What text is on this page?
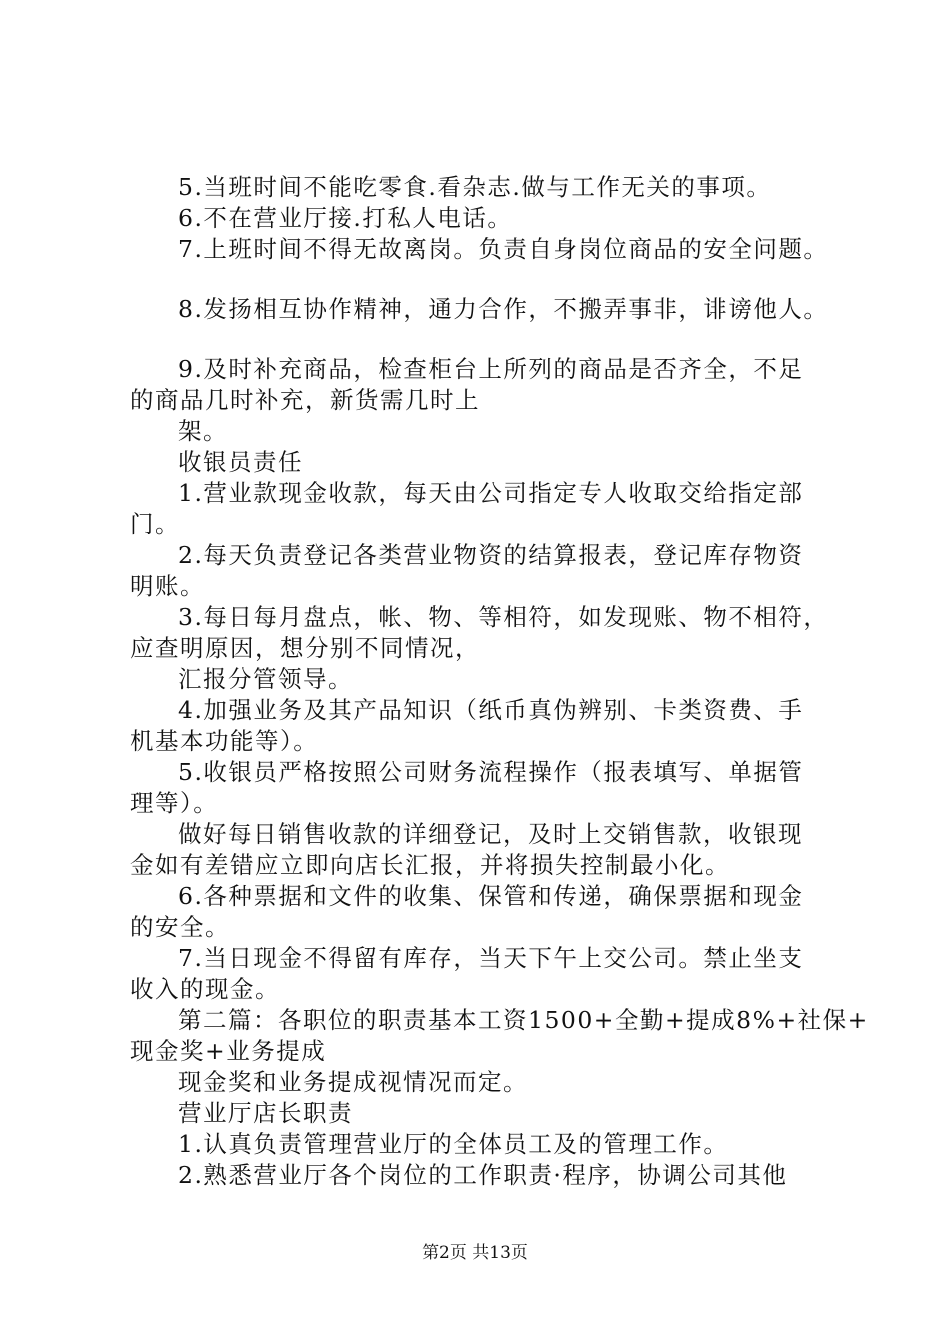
5.当班时间不能吃零食.看杂志.做与工作无关的事项。
6.不在营业厅接.打私人电话。
7.上班时间不得无故离岗。负责自身岗位商品的安全问题。
8.发扬相互协作精神，通力合作，不搬弄事非，诽谤他人。
9.及时补充商品，检查柜台上所列的商品是否齐全，不足
的商品几时补充，新货需几时上
架。
收银员责任
1.营业款现金收款，每天由公司指定专人收取交给指定部
门。
2.每天负责登记各类营业物资的结算报表，登记库存物资
明账。
3.每日每月盘点，帐、物、等相符，如发现账、物不相符，
应查明原因，想分别不同情况，
汇报分管领导。
4.加强业务及其产品知识（纸币真伪辨别、卡类资费、手
机基本功能等）。
5.收银员严格按照公司财务流程操作（报表填写、单据管
理等）。
做好每日销售收款的详细登记，及时上交销售款，收银现
金如有差错应立即向店长汇报，并将损失控制最小化。
6.各种票据和文件的收集、保管和传递，确保票据和现金
的安全。
7.当日现金不得留有库存，当天下午上交公司。禁止坐支
收入的现金。
第二篇：各职位的职责基本工资1500+全勤+提成8%+社保+
现金奖+业务提成
现金奖和业务提成视情况而定。
营业厅店长职责
1.认真负责管理营业厅的全体员工及的管理工作。
2.熟悉营业厅各个岗位的工作职责·程序，协调公司其他
第2页 共13页
